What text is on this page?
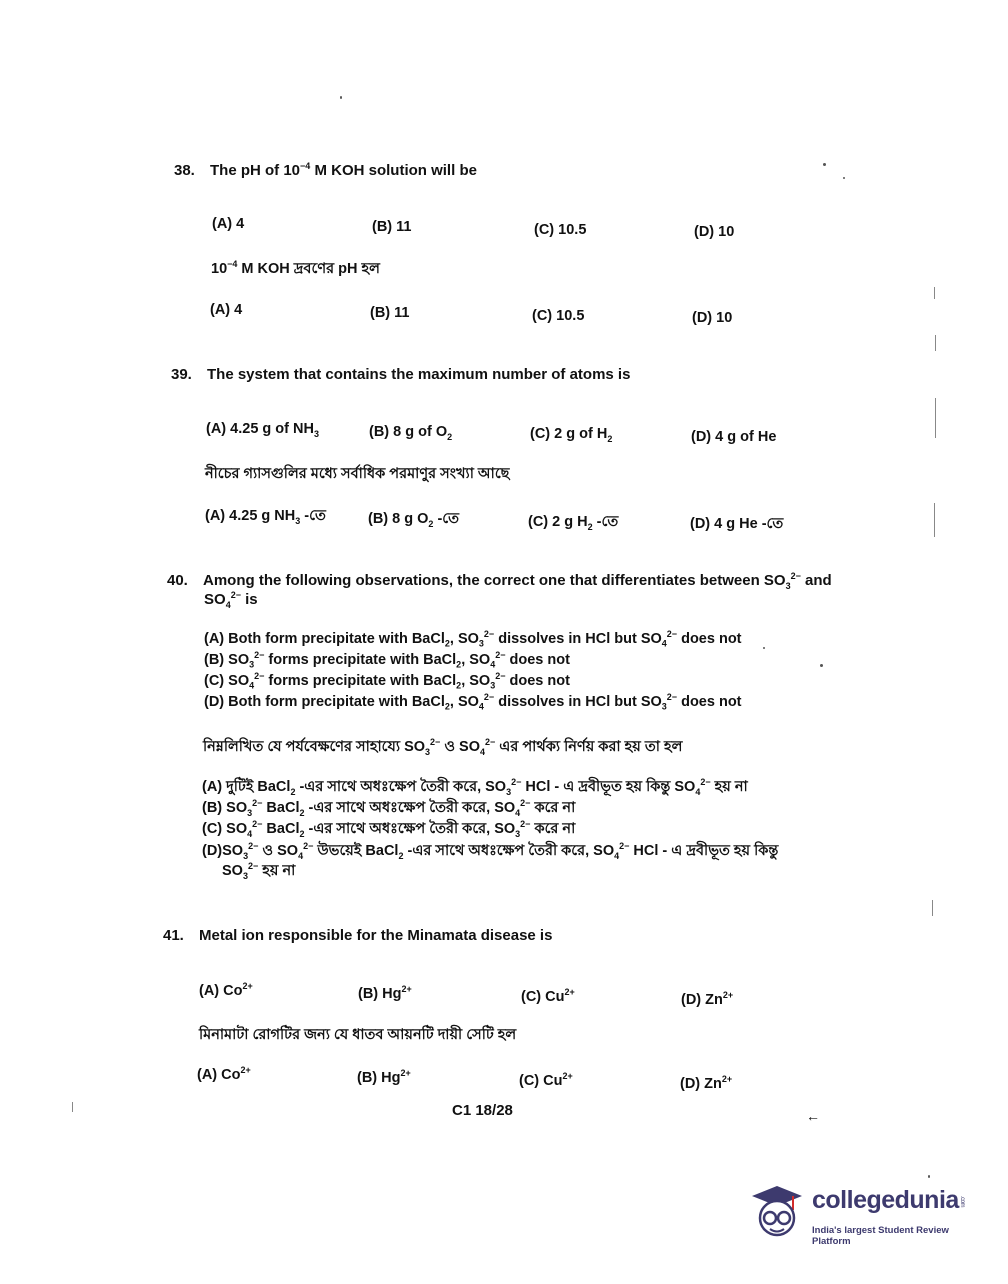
38. The pH of $10^{-4}$ M KOH solution will be
(A) 4	(B) 11	(C) 10.5	(D) 10
$10^{-4}$ M KOH দ্রবণের pH হল
(A) 4	(B) 11	(C) 10.5	(D) 10
39. The system that contains the maximum number of atoms is
(A) 4.25 g of $NH_3$	(B) 8 g of $O_2$	(C) 2 g of $H_2$	(D) 4 g of He
নীচের গ্যাসগুলির মধ্যে সর্বাধিক পরমাণুর সংখ্যা আছে
(A) 4.25 g $NH_3$ -তে	(B) 8 g $O_2$ -তে	(C) 2 g $H_2$ -তে	(D) 4 g He -তে
40. Among the following observations, the correct one that differentiates between $SO_3^{2-}$ and
$SO_4^{2-}$ is
(A) Both form precipitate with BaCl$_2$, $SO_3^{2-}$ dissolves in HCl but $SO_4^{2-}$ does not
(B) $SO_3^{2-}$ forms precipitate with BaCl$_2$, $SO_4^{2-}$ does not
(C) $SO_4^{2-}$ forms precipitate with BaCl$_2$, $SO_3^{2-}$ does not
(D) Both form precipitate with BaCl$_2$, $SO_4^{2-}$ dissolves in HCl but $SO_3^{2-}$ does not
নিম্নলিখিত যে পর্যবেক্ষণের সাহায্যে $SO_3^{2-}$ ও $SO_4^{2-}$ এর পার্থক্য নির্ণয় করা হয় তা হল
(A) দুটিই BaCl$_2$ -এর সাথে অধঃক্ষেপ তৈরী করে, $SO_3^{2-}$ HCl - এ দ্রবীভূত হয় কিন্তু $SO_4^{2-}$ হয় না
(B) $SO_3^{2-}$ BaCl$_2$ -এর সাথে অধঃক্ষেপ তৈরী করে, $SO_4^{2-}$ করে না
(C) $SO_4^{2-}$ BaCl$_2$ -এর সাথে অধঃক্ষেপ তৈরী করে, $SO_3^{2-}$ করে না
$(D)SO_3^{2-}$ ও $SO_4^{2-}$ উভয়েই BaCl$_2$ -এর সাথে অধঃক্ষেপ তৈরী করে, $SO_4^{2-}$ HCl - এ দ্রবীভূত হয় কিন্তু
$SO_3^{2-}$ হয় না
41. Metal ion responsible for the Minamata disease is
(A) $Co^{2+}$	(B) $Hg^{2+}$	(C) $Cu^{2+}$	(D) $Zn^{2+}$
মিনামাটা রোগটির জন্য যে ধাতব আয়নটি দায়ী সেটি হল
(A) $Co^{2+}$	(B) $Hg^{2+}$	(C) $Cu^{2+}$	(D) $Zn^{2+}$
C1 18/28	←
collegedunia.com
India's largest Student Review Platform
